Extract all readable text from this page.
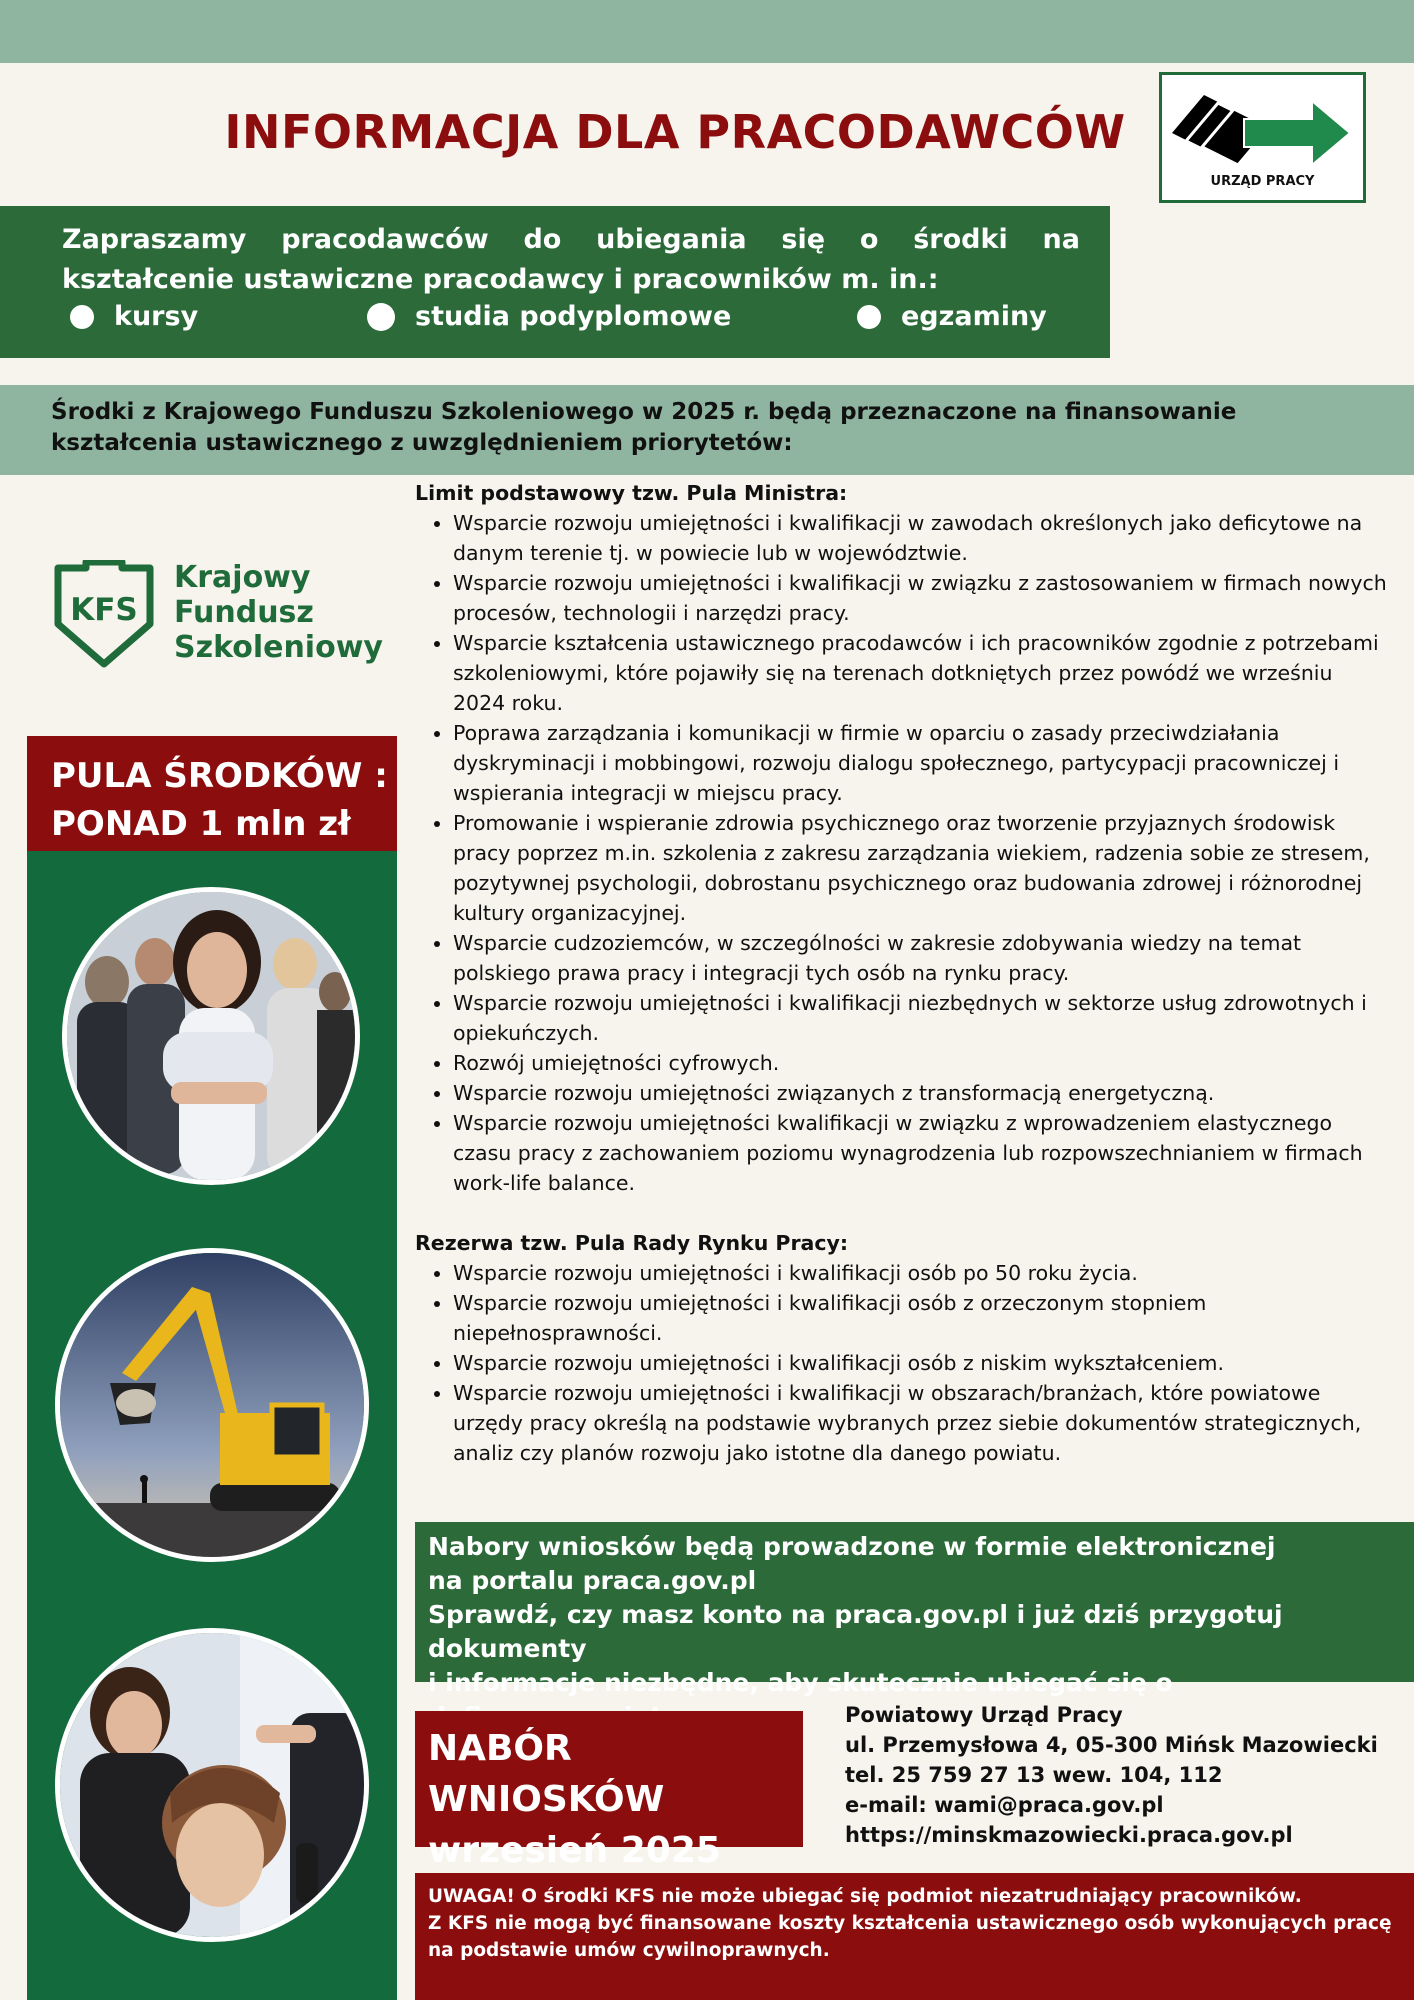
INFORMACJA DLA PRACODAWCÓW
URZĄD PRACY
Zapraszamy pracodawców do ubiegania się o środki na kształcenie ustawiczne pracodawcy i pracowników m. in.:
kursy	studia podyplomowe	egzaminy
Środki z Krajowego Funduszu Szkoleniowego w 2025 r. będą przeznaczone na finansowanie
kształcenia ustawicznego z uwzględnieniem priorytetów:
KFS
Krajowy
Fundusz
Szkoleniowy
PULA ŚRODKÓW :
PONAD 1 mln zł
Limit podstawowy tzw. Pula Ministra:
• Wsparcie rozwoju umiejętności i kwalifikacji w zawodach określonych jako deficytowe na danym terenie tj. w powiecie lub w województwie.
• Wsparcie rozwoju umiejętności i kwalifikacji w związku z zastosowaniem w firmach nowych procesów, technologii i narzędzi pracy.
• Wsparcie kształcenia ustawicznego pracodawców i ich pracowników zgodnie z potrzebami szkoleniowymi, które pojawiły się na terenach dotkniętych przez powódź we wrześniu 2024 roku.
• Poprawa zarządzania i komunikacji w firmie w oparciu o zasady przeciwdziałania dyskryminacji i mobbingowi, rozwoju dialogu społecznego, partycypacji pracowniczej i wspierania integracji w miejscu pracy.
• Promowanie i wspieranie zdrowia psychicznego oraz tworzenie przyjaznych środowisk pracy poprzez m.in. szkolenia z zakresu zarządzania wiekiem, radzenia sobie ze stresem, pozytywnej psychologii, dobrostanu psychicznego oraz budowania zdrowej i różnorodnej kultury organizacyjnej.
• Wsparcie cudzoziemców, w szczególności w zakresie zdobywania wiedzy na temat polskiego prawa pracy i integracji tych osób na rynku pracy.
• Wsparcie rozwoju umiejętności i kwalifikacji niezbędnych w sektorze usług zdrowotnych i opiekuńczych.
• Rozwój umiejętności cyfrowych.
• Wsparcie rozwoju umiejętności związanych z transformacją energetyczną.
• Wsparcie rozwoju umiejętności kwalifikacji w związku z wprowadzeniem elastycznego czasu pracy z zachowaniem poziomu wynagrodzenia lub rozpowszechnianiem w firmach work-life balance.
Rezerwa tzw. Pula Rady Rynku Pracy:
• Wsparcie rozwoju umiejętności i kwalifikacji osób po 50 roku życia.
• Wsparcie rozwoju umiejętności i kwalifikacji osób z orzeczonym stopniem niepełnosprawności.
• Wsparcie rozwoju umiejętności i kwalifikacji osób z niskim wykształceniem.
• Wsparcie rozwoju umiejętności i kwalifikacji w obszarach/branżach, które powiatowe urzędy pracy określą na podstawie wybranych przez siebie dokumentów strategicznych, analiz czy planów rozwoju jako istotne dla danego powiatu.
Nabory wniosków będą prowadzone w formie elektronicznej
na portalu praca.gov.pl
Sprawdź, czy masz konto na praca.gov.pl i już dziś przygotuj dokumenty
i informacje niezbędne, aby skutecznie ubiegać się o
NABÓR WNIOSKÓW
wrzesień 2025
Powiatowy Urząd Pracy
ul. Przemysłowa 4, 05-300 Mińsk Mazowiecki
tel. 25 759 27 13 wew. 104, 112
e-mail: wami@praca.gov.pl
https://minskmazowiecki.praca.gov.pl
UWAGA! O środki KFS nie może ubiegać się podmiot niezatrudniający pracowników.
Z KFS nie mogą być finansowane koszty kształcenia ustawicznego osób wykonujących pracę
na podstawie umów cywilnoprawnych.
